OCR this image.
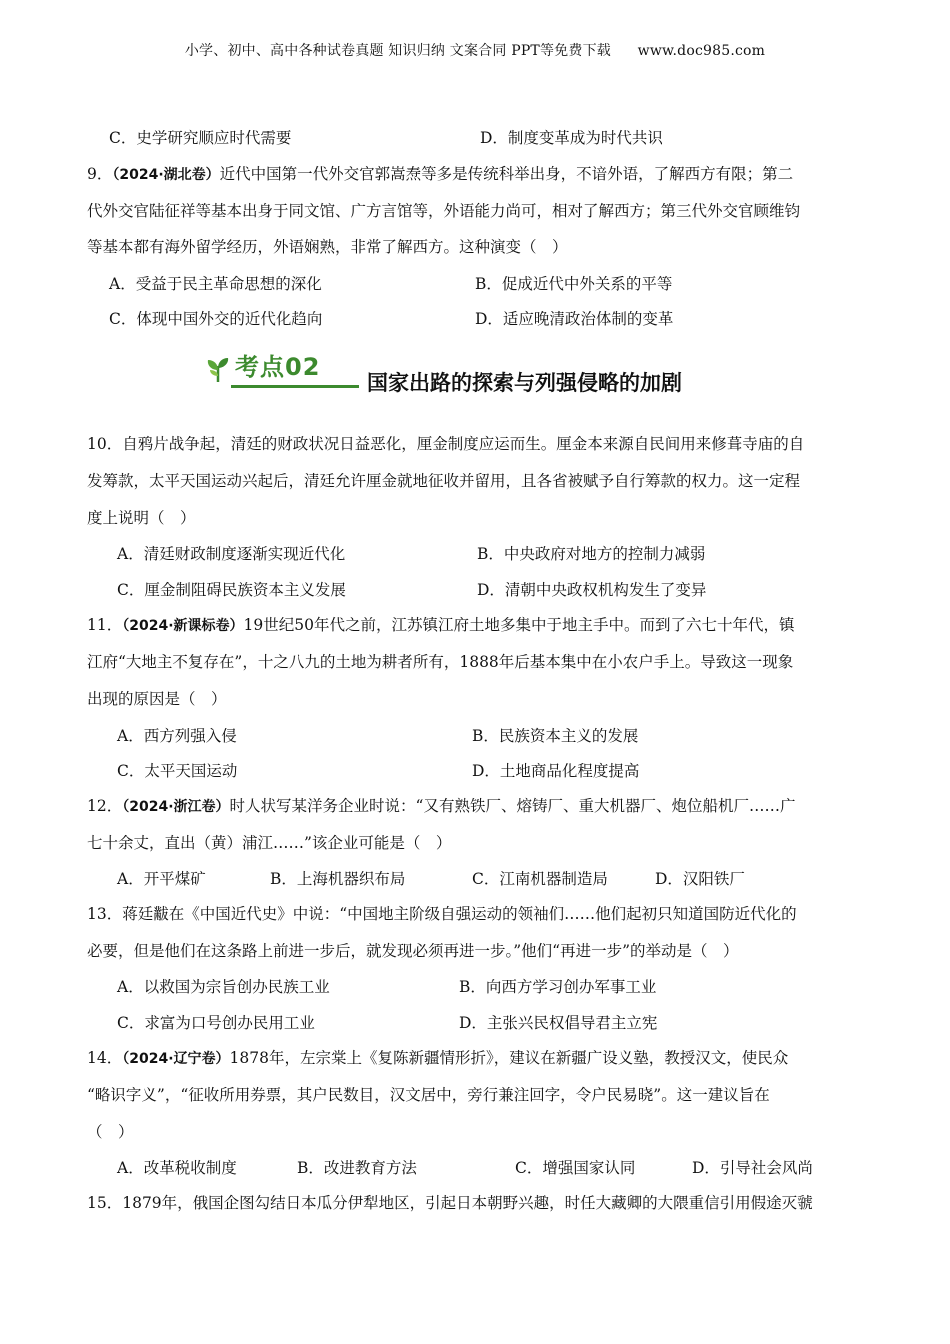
小学、初中、高中各种试卷真题 知识归纳 文案合同 PPT等免费下载 www.doc985.com
C．史学研究顺应时代需要	D．制度变革成为时代共识
9．（2024·湖北卷）近代中国第一代外交官郭嵩焘等多是传统科举出身，不谙外语，了解西方有限；第二
代外交官陆征祥等基本出身于同文馆、广方言馆等，外语能力尚可，相对了解西方；第三代外交官顾维钧
等基本都有海外留学经历，外语娴熟，非常了解西方。这种演变（　）
A．受益于民主革命思想的深化	B．促成近代中外关系的平等
C．体现中国外交的近代化趋向	D．适应晚清政治体制的变革
10．自鸦片战争起，清廷的财政状况日益恶化，厘金制度应运而生。厘金本来源自民间用来修葺寺庙的自
发筹款，太平天国运动兴起后，清廷允许厘金就地征收并留用，且各省被赋予自行筹款的权力。这一定程
度上说明（　）
A．清廷财政制度逐渐实现近代化	B．中央政府对地方的控制力减弱
C．厘金制阻碍民族资本主义发展	D．清朝中央政权机构发生了变异
11．（2024·新课标卷）19世纪50年代之前，江苏镇江府土地多集中于地主手中。而到了六七十年代，镇
江府“大地主不复存在”，十之八九的土地为耕者所有，1888年后基本集中在小农户手上。导致这一现象
出现的原因是（　）
A．西方列强入侵	B．民族资本主义的发展
C．太平天国运动	D．土地商品化程度提高
12．（2024·浙江卷）时人状写某洋务企业时说：“又有熟铁厂、熔铸厂、重大机器厂、炮位船机厂……广
七十余丈，直出（黄）浦江……”该企业可能是（　）
A．开平煤矿	B．上海机器织布局	C．江南机器制造局	D．汉阳铁厂
13．蒋廷黻在《中国近代史》中说：“中国地主阶级自强运动的领袖们……他们起初只知道国防近代化的
必要，但是他们在这条路上前进一步后，就发现必须再进一步。”他们“再进一步”的举动是（　）
A．以救国为宗旨创办民族工业	B．向西方学习创办军事工业
C．求富为口号创办民用工业	D．主张兴民权倡导君主立宪
14．（2024·辽宁卷）1878年，左宗棠上《复陈新疆情形折》，建议在新疆广设义塾，教授汉文，使民众
“略识字义”，“征收所用券票，其户民数目，汉文居中，旁行兼注回字，令户民易晓”。这一建议旨在
（　）
A．改革税收制度	B．改进教育方法	C．增强国家认同	D．引导社会风尚
15．1879年，俄国企图勾结日本瓜分伊犁地区，引起日本朝野兴趣，时任大藏卿的大隈重信引用假途灭虢
考点02
国家出路的探索与列强侵略的加剧
